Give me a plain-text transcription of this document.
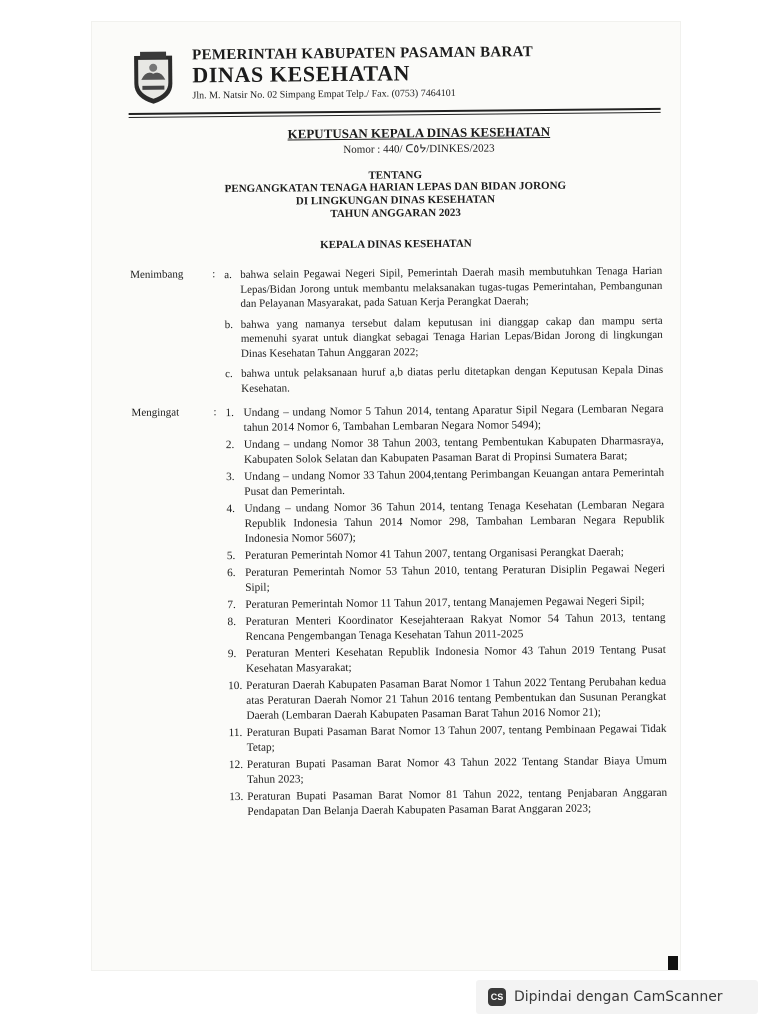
PEMERINTAH KABUPATEN PASAMAN BARAT
DINAS KESEHATAN
Jln. M. Natsir No. 02 Simpang Empat Telp./ Fax. (0753) 7464101
KEPUTUSAN KEPALA DINAS KESEHATAN
Nomor : 440/ ᑕ᠌٥ᔭ/DINKES/2023
TENTANG
PENGANGKATAN TENAGA HARIAN LEPAS DAN BIDAN JORONG
DI LINGKUNGAN DINAS KESEHATAN
TAHUN ANGGARAN 2023
KEPALA DINAS KESEHATAN
Menimbang	: a. bahwa selain Pegawai Negeri Sipil, Pemerintah Daerah masih membutuhkan Tenaga Harian Lepas/Bidan Jorong untuk membantu melaksanakan tugas-tugas Pemerintahan, Pembangunan dan Pelayanan Masyarakat, pada Satuan Kerja Perangkat Daerah;
b. bahwa yang namanya tersebut dalam keputusan ini dianggap cakap dan mampu serta memenuhi syarat untuk diangkat sebagai Tenaga Harian Lepas/Bidan Jorong di lingkungan Dinas Kesehatan Tahun Anggaran 2022;
c. bahwa untuk pelaksanaan huruf a,b diatas perlu ditetapkan dengan Keputusan Kepala Dinas Kesehatan.
Mengingat	: 1. Undang – undang Nomor 5 Tahun 2014, tentang Aparatur Sipil Negara (Lembaran Negara tahun 2014 Nomor 6, Tambahan Lembaran Negara Nomor 5494);
2. Undang – undang Nomor 38 Tahun 2003, tentang Pembentukan Kabupaten Dharmasraya, Kabupaten Solok Selatan dan Kabupaten Pasaman Barat di Propinsi Sumatera Barat;
3. Undang – undang Nomor 33 Tahun 2004,tentang Perimbangan Keuangan antara Pemerintah Pusat dan Pemerintah.
4. Undang – undang Nomor 36 Tahun 2014, tentang Tenaga Kesehatan (Lembaran Negara Republik Indonesia Tahun 2014 Nomor 298, Tambahan Lembaran Negara Republik Indonesia Nomor 5607);
5. Peraturan Pemerintah Nomor 41 Tahun 2007, tentang Organisasi Perangkat Daerah;
6. Peraturan Pemerintah Nomor 53 Tahun 2010, tentang Peraturan Disiplin Pegawai Negeri Sipil;
7. Peraturan Pemerintah Nomor 11 Tahun 2017, tentang Manajemen Pegawai Negeri Sipil;
8. Peraturan Menteri Koordinator Kesejahteraan Rakyat Nomor 54 Tahun 2013, tentang Rencana Pengembangan Tenaga Kesehatan Tahun 2011-2025
9. Peraturan Menteri Kesehatan Republik Indonesia Nomor 43 Tahun 2019 Tentang Pusat Kesehatan Masyarakat;
10. Peraturan Daerah Kabupaten Pasaman Barat Nomor 1 Tahun 2022 Tentang Perubahan kedua atas Peraturan Daerah Nomor 21 Tahun 2016 tentang Pembentukan dan Susunan Perangkat Daerah (Lembaran Daerah Kabupaten Pasaman Barat Tahun 2016 Nomor 21);
11. Peraturan Bupati Pasaman Barat Nomor 13 Tahun 2007, tentang Pembinaan Pegawai Tidak Tetap;
12. Peraturan Bupati Pasaman Barat Nomor 43 Tahun 2022 Tentang Standar Biaya Umum Tahun 2023;
13. Peraturan Bupati Pasaman Barat Nomor 81 Tahun 2022, tentang Penjabaran Anggaran Pendapatan Dan Belanja Daerah Kabupaten Pasaman Barat Anggaran 2023;
CS Dipindai dengan CamScanner
